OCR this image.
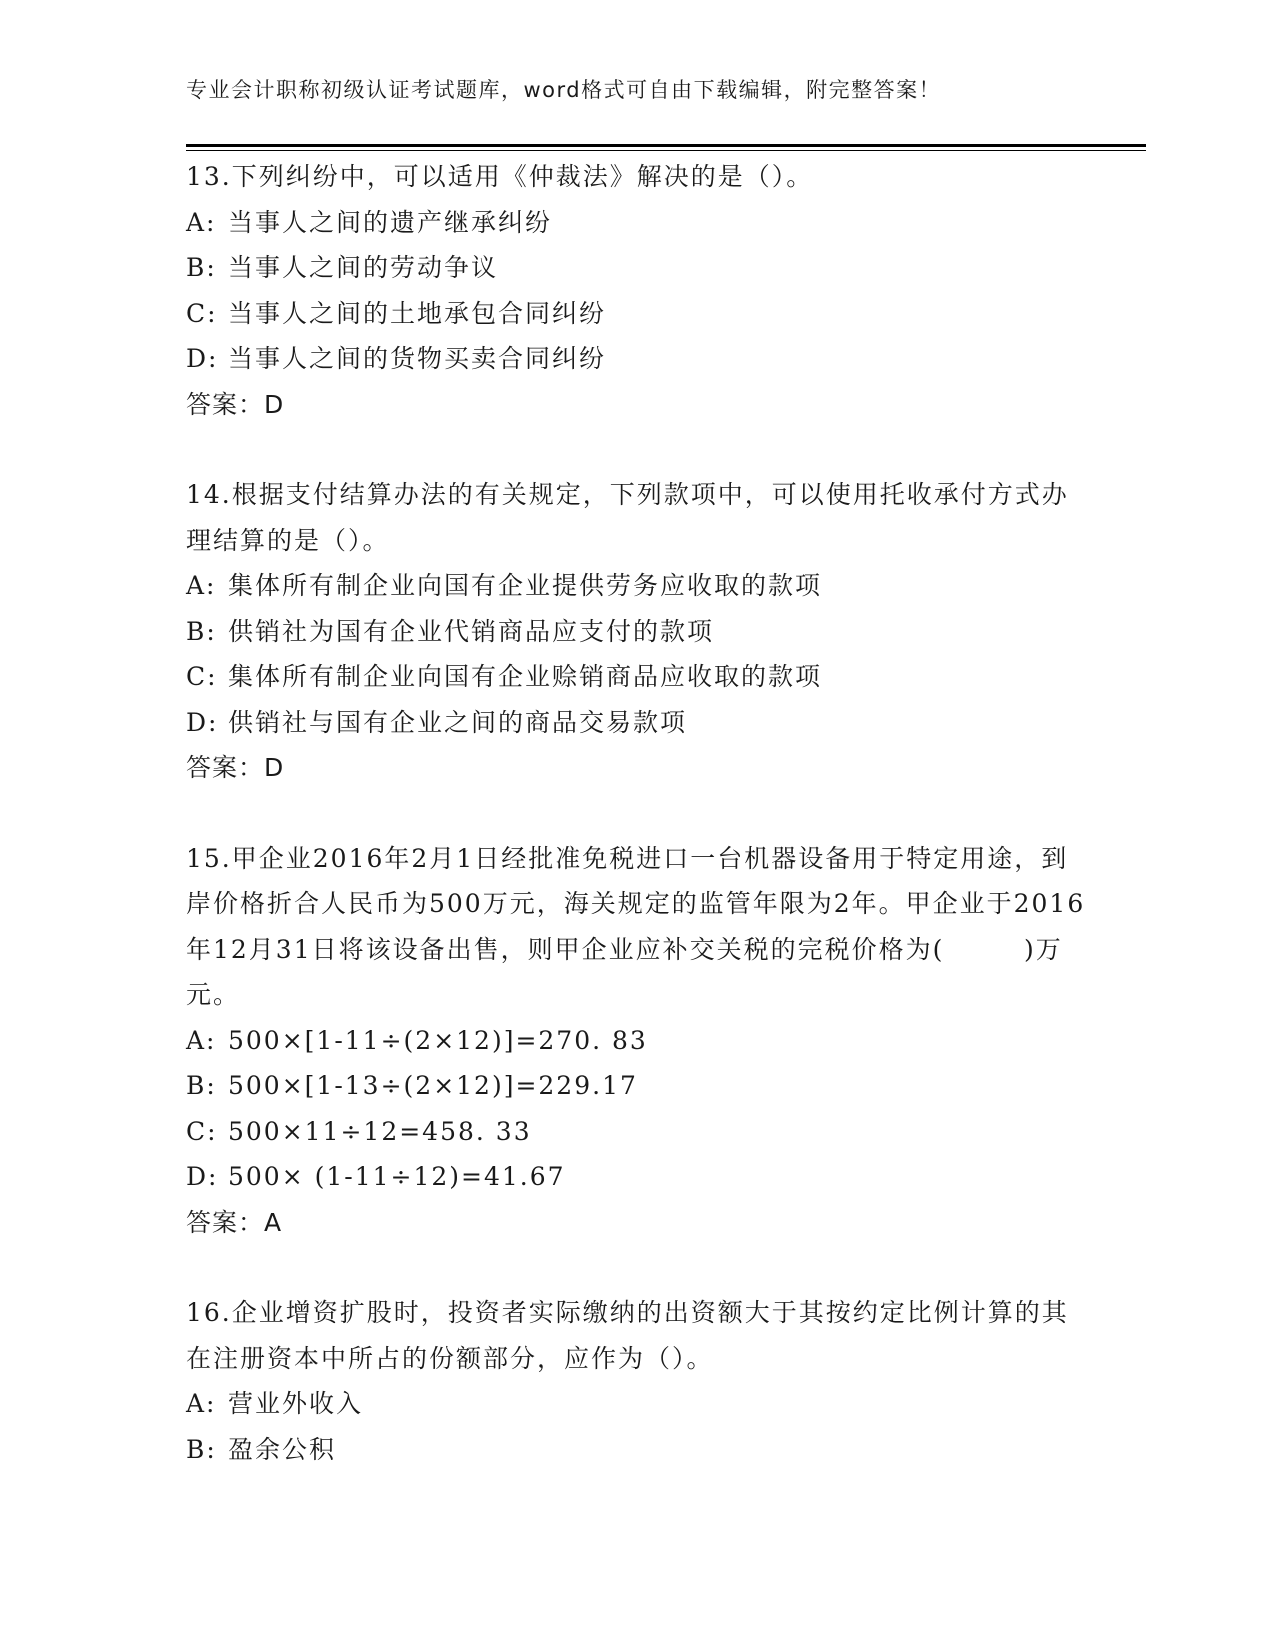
专业会计职称初级认证考试题库，word格式可自由下载编辑，附完整答案！
13.下列纠纷中，可以适用《仲裁法》解决的是（）。
A: 当事人之间的遗产继承纠纷
B: 当事人之间的劳动争议
C: 当事人之间的土地承包合同纠纷
D: 当事人之间的货物买卖合同纠纷
答案：D
14.根据支付结算办法的有关规定，下列款项中，可以使用托收承付方式办理结算的是（）。
A: 集体所有制企业向国有企业提供劳务应收取的款项
B: 供销社为国有企业代销商品应支付的款项
C: 集体所有制企业向国有企业赊销商品应收取的款项
D: 供销社与国有企业之间的商品交易款项
答案：D
15.甲企业2016年2月1日经批准免税进口一台机器设备用于特定用途，到岸价格折合人民币为500万元，海关规定的监管年限为2年。甲企业于2016年12月31日将该设备出售，则甲企业应补交关税的完税价格为(        )万元。
A: 500×[1-11÷(2×12)]=270. 83
B: 500×[1-13÷(2×12)]=229.17
C: 500×11÷12=458. 33
D: 500× (1-11÷12)=41.67
答案：A
16.企业增资扩股时，投资者实际缴纳的出资额大于其按约定比例计算的其在注册资本中所占的份额部分，应作为（）。
A: 营业外收入
B: 盈余公积
